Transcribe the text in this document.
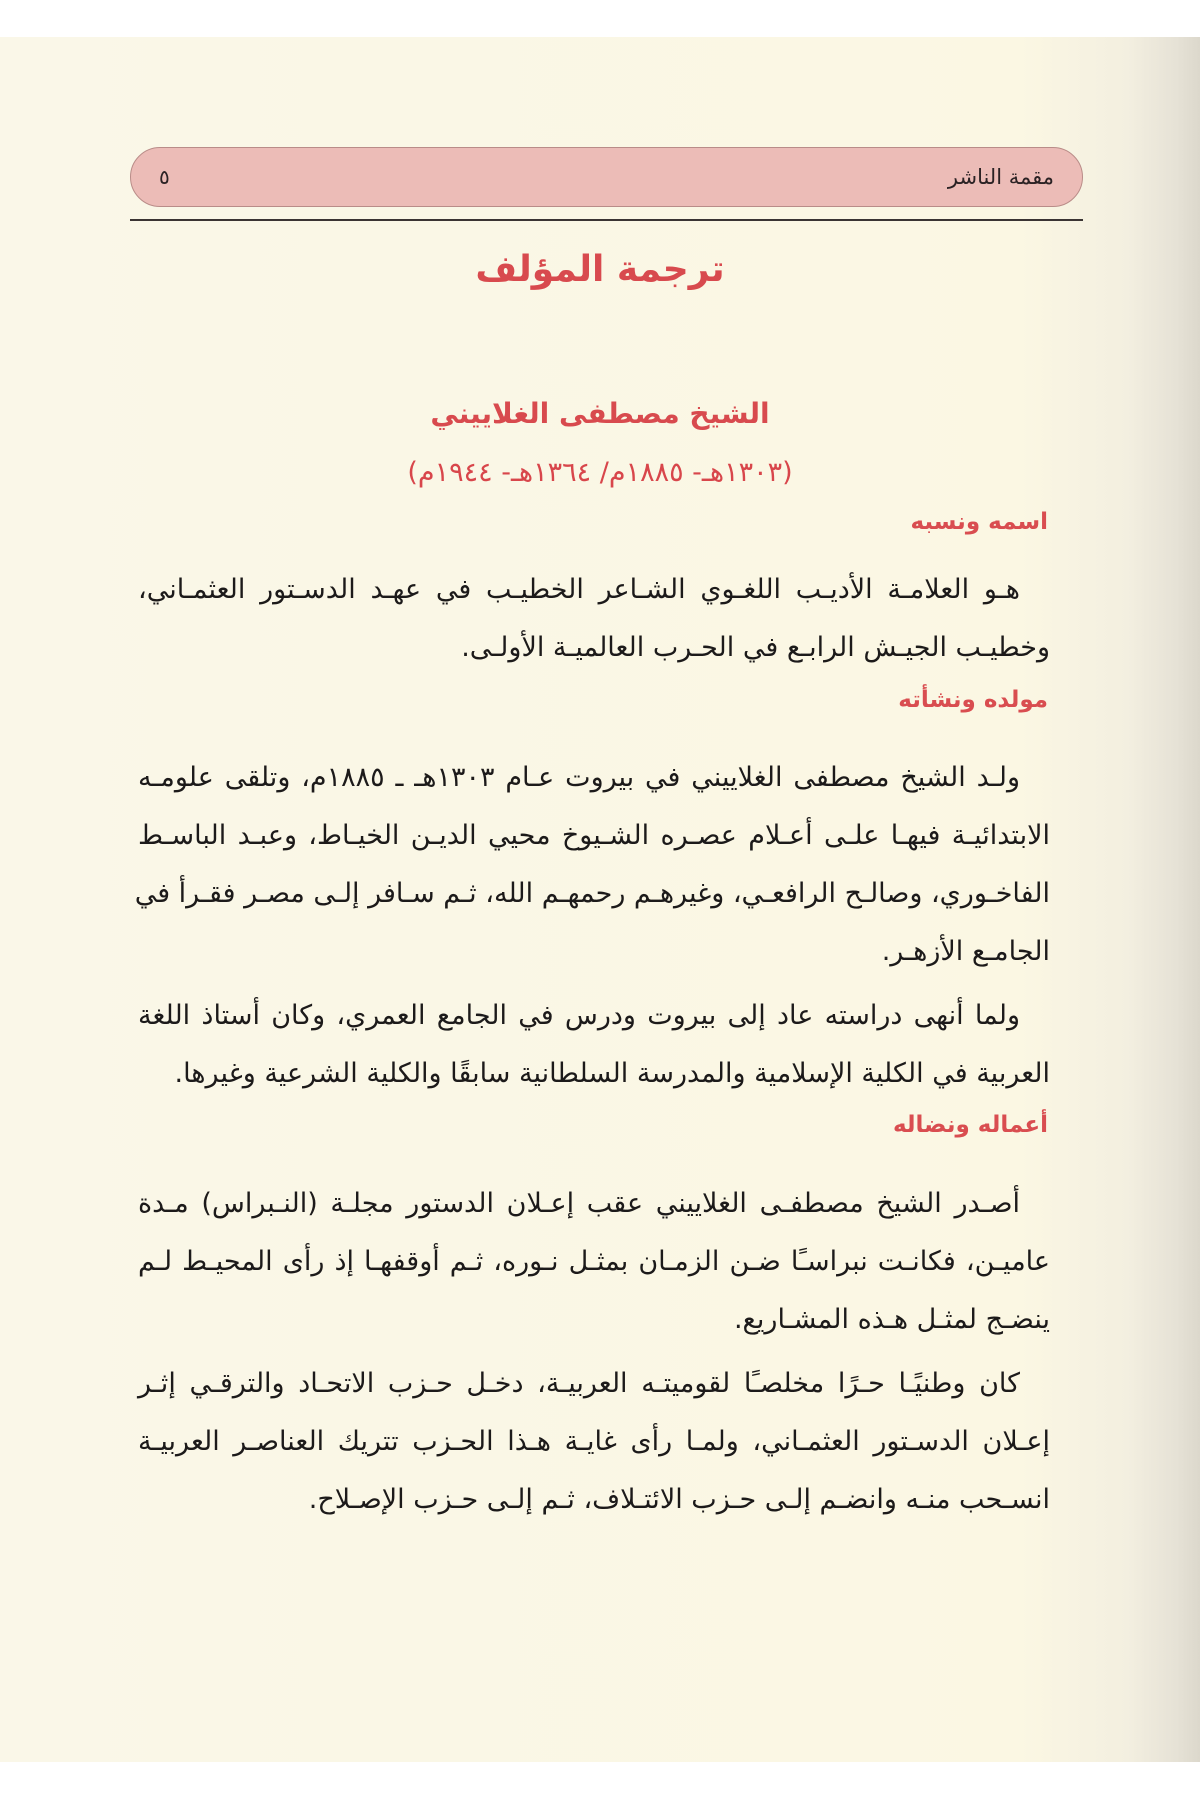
مقمة الناشر
٥
ترجمة المؤلف
الشيخ مصطفى الغلاييني
(١٣٠٣هـ- ١٨٨٥م/ ١٣٦٤هـ- ١٩٤٤م)
اسمه ونسبه
هـو العلامـة الأديـب اللغـوي الشـاعر الخطيـب في عهـد الدسـتور العثمـاني،
وخطيـب الجيـش الرابـع في الحـرب العالميـة الأولـى.
مولده ونشأته
ولـد الشيخ مصطفى الغلاييني في بيروت عـام ١٣٠٣هـ ـ ١٨٨٥م، وتلقى علومـه
الابتدائيـة فيهـا علـى أعـلام عصـره الشـيوخ محيي الديـن الخيـاط، وعبـد الباسـط
الفاخـوري، وصالـح الرافعـي، وغيرهـم رحمهـم الله، ثـم سـافر إلـى مصـر فقـرأ في
الجامـع الأزهـر.
ولما أنهى دراسته عاد إلى بيروت ودرس في الجامع العمري، وكان أستاذ اللغة
العربية في الكلية الإسلامية والمدرسة السلطانية سابقًا والكلية الشرعية وغيرها.
أعماله ونضاله
أصـدر الشيخ مصطفـى الغلاييني عقب إعـلان الدستور مجلـة (النـبراس) مـدة
عاميـن، فكانـت نبراسـًا ضـن الزمـان بمثـل نـوره، ثـم أوقفهـا إذ رأى المحيـط لـم
ينضـج لمثـل هـذه المشـاريع.
كان وطنيًـا حـرًا مخلصـًا لقوميتـه العربيـة، دخـل حـزب الاتحـاد والترقـي إثـر
إعـلان الدسـتور العثمـاني، ولمـا رأى غايـة هـذا الحـزب تتريك العناصـر العربيـة
انسـحب منـه وانضـم إلـى حـزب الائتـلاف، ثـم إلـى حـزب الإصـلاح.
